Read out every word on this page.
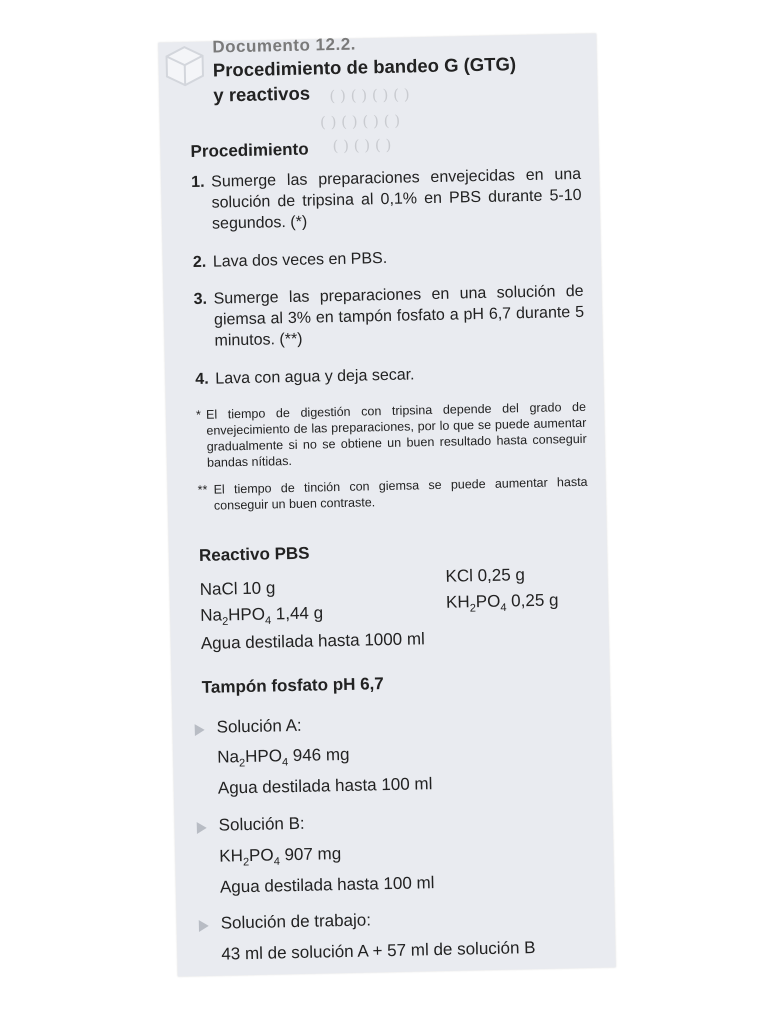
Documento 12.2.
Procedimiento de bandeo G (GTG)
y reactivos	( ) ( ) ( ) ( )
( ) ( ) ( ) ( )
( ) ( ) ( )
Procedimiento
1. Sumerge las preparaciones envejecidas en una solución de tripsina al 0,1% en PBS durante 5-10 segundos. (*)
2. Lava dos veces en PBS.
3. Sumerge las preparaciones en una solución de giemsa al 3% en tampón fosfato a pH 6,7 durante 5 minutos. (**)
4. Lava con agua y deja secar.
* El tiempo de digestión con tripsina depende del grado de envejecimiento de las preparaciones, por lo que se puede aumentar gradualmente si no se obtiene un buen resultado hasta conseguir bandas nítidas.
** El tiempo de tinción con giemsa se puede aumentar hasta conseguir un buen contraste.
Reactivo PBS
NaCl 10 g
KCl 0,25 g
$Na_2HPO_4$ 1,44 g
$KH_2PO_4$ 0,25 g
Agua destilada hasta 1000 ml
Tampón fosfato pH 6,7
Solución A:
$Na_2HPO_4$ 946 mg
Agua destilada hasta 100 ml
Solución B:
$KH_2PO_4$ 907 mg
Agua destilada hasta 100 ml
Solución de trabajo:
43 ml de solución A + 57 ml de solución B
